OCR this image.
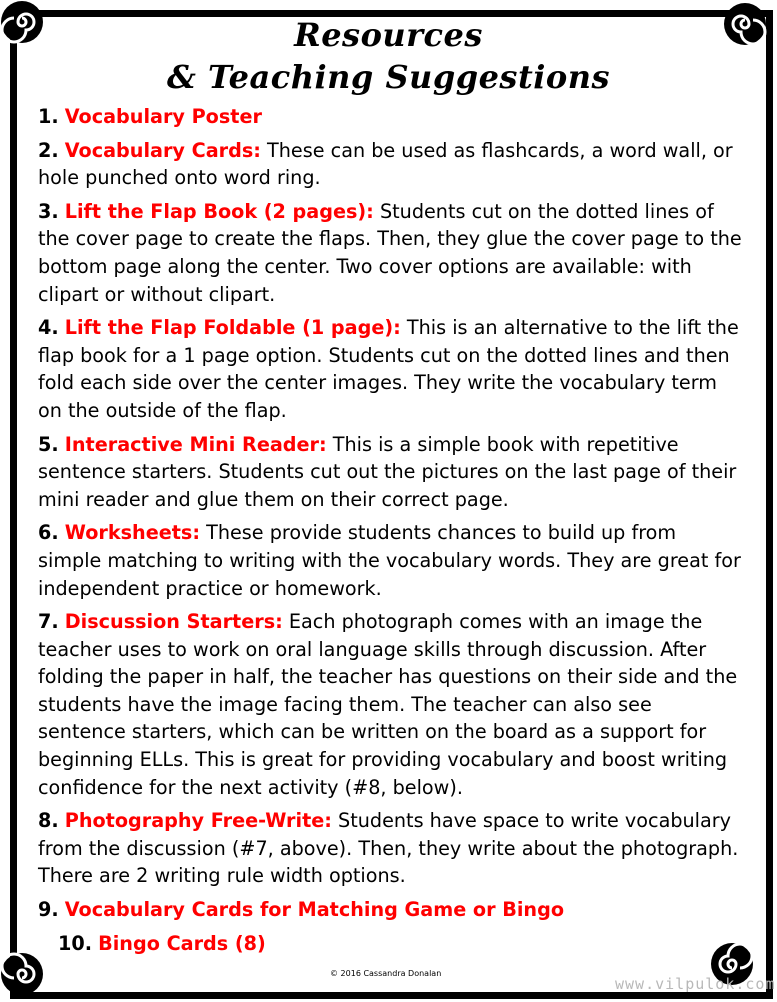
Resources
& Teaching Suggestions
1. Vocabulary Poster
2. Vocabulary Cards: These can be used as flashcards, a word wall, or hole punched onto word ring.
3. Lift the Flap Book (2 pages): Students cut on the dotted lines of the cover page to create the flaps. Then, they glue the cover page to the bottom page along the center. Two cover options are available: with clipart or without clipart.
4. Lift the Flap Foldable (1 page): This is an alternative to the lift the flap book for a 1 page option. Students cut on the dotted lines and then fold each side over the center images. They write the vocabulary term on the outside of the flap.
5. Interactive Mini Reader: This is a simple book with repetitive sentence starters. Students cut out the pictures on the last page of their mini reader and glue them on their correct page.
6. Worksheets: These provide students chances to build up from simple matching to writing with the vocabulary words. They are great for independent practice or homework.
7. Discussion Starters: Each photograph comes with an image the teacher uses to work on oral language skills through discussion. After folding the paper in half, the teacher has questions on their side and the students have the image facing them. The teacher can also see sentence starters, which can be written on the board as a support for beginning ELLs. This is great for providing vocabulary and boost writing confidence for the next activity (#8, below).
8. Photography Free-Write: Students have space to write vocabulary from the discussion (#7, above). Then, they write about the photograph. There are 2 writing rule width options.
9. Vocabulary Cards for Matching Game or Bingo
10. Bingo Cards (8)
© 2016 Cassandra Donalan
www.vilpulok.com
